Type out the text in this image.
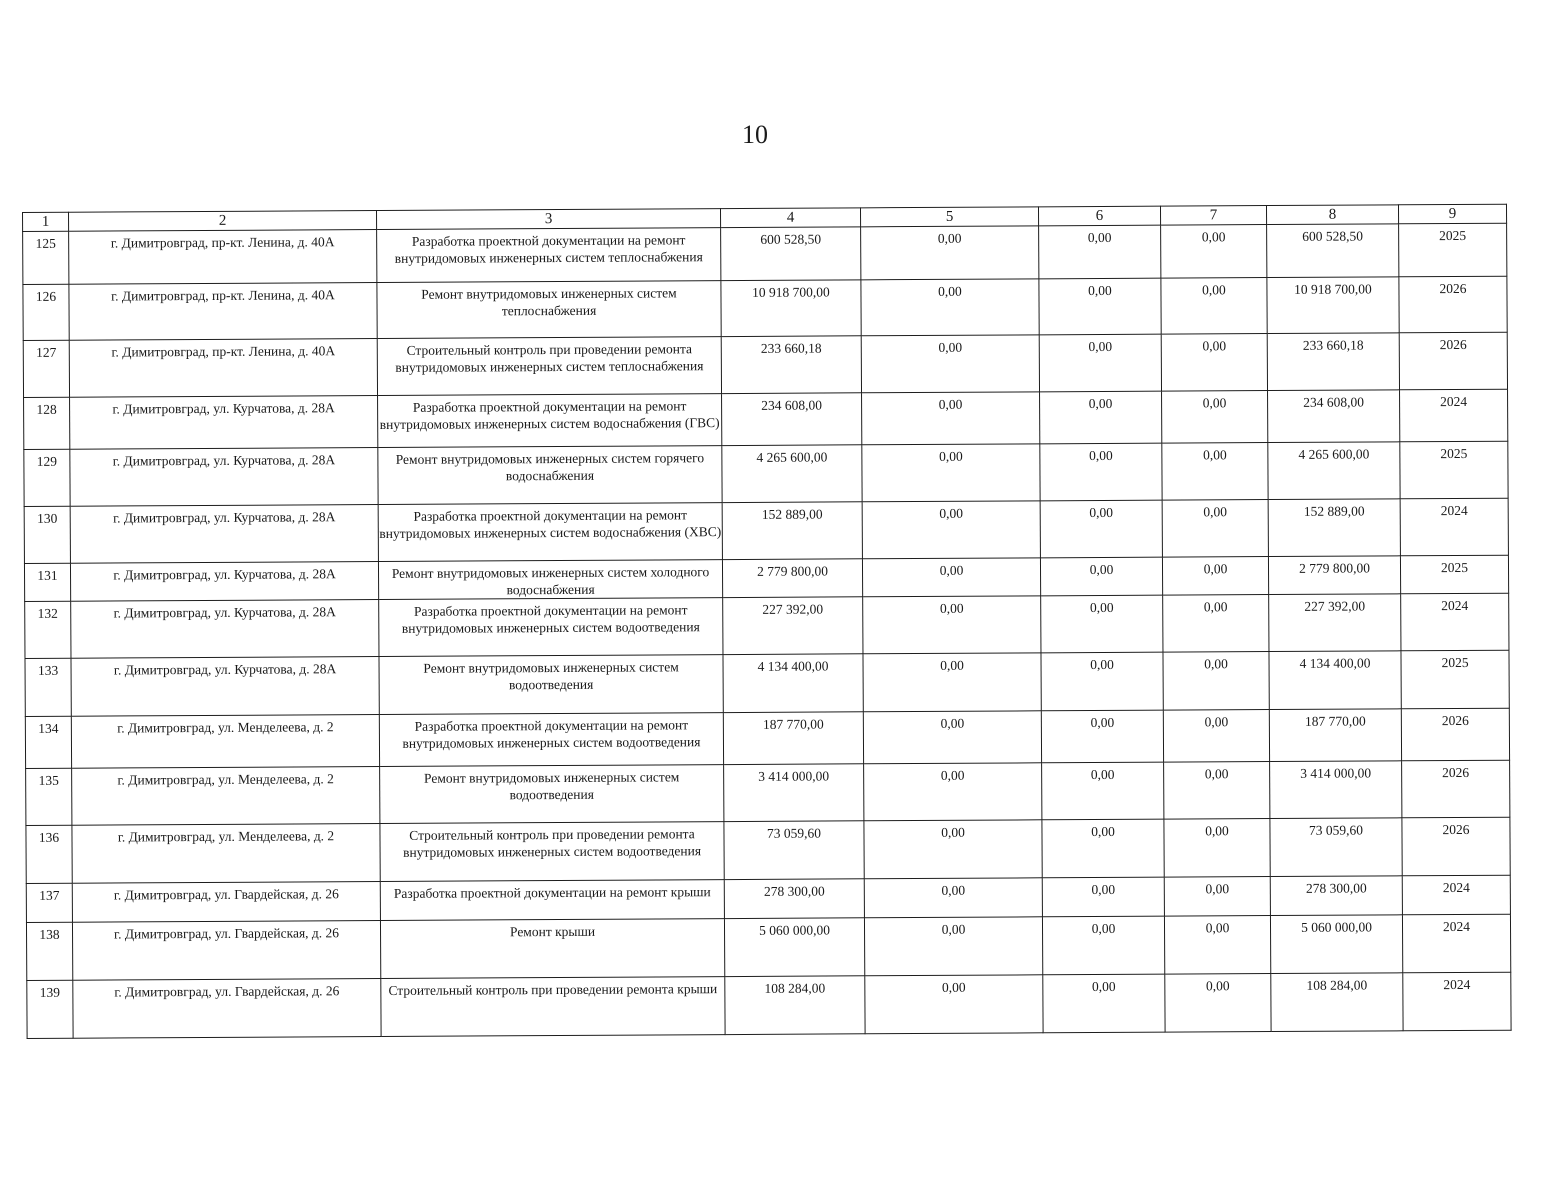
10
1	2	3	4	5	6	7	8	9
125	г. Димитровград, пр-кт. Ленина, д. 40А	Разработка проектной документации на ремонт внутридомовых инженерных систем теплоснабжения	600 528,50	0,00	0,00	0,00	600 528,50	2025
126	г. Димитровград, пр-кт. Ленина, д. 40А	Ремонт внутридомовых инженерных систем теплоснабжения	10 918 700,00	0,00	0,00	0,00	10 918 700,00	2026
127	г. Димитровград, пр-кт. Ленина, д. 40А	Строительный контроль при проведении ремонта внутридомовых инженерных систем теплоснабжения	233 660,18	0,00	0,00	0,00	233 660,18	2026
128	г. Димитровград, ул. Курчатова, д. 28А	Разработка проектной документации на ремонт внутридомовых инженерных систем водоснабжения (ГВС)	234 608,00	0,00	0,00	0,00	234 608,00	2024
129	г. Димитровград, ул. Курчатова, д. 28А	Ремонт внутридомовых инженерных систем горячего водоснабжения	4 265 600,00	0,00	0,00	0,00	4 265 600,00	2025
130	г. Димитровград, ул. Курчатова, д. 28А	Разработка проектной документации на ремонт внутридомовых инженерных систем водоснабжения (ХВС)	152 889,00	0,00	0,00	0,00	152 889,00	2024
131	г. Димитровград, ул. Курчатова, д. 28А	Ремонт внутридомовых инженерных систем холодного водоснабжения	2 779 800,00	0,00	0,00	0,00	2 779 800,00	2025
132	г. Димитровград, ул. Курчатова, д. 28А	Разработка проектной документации на ремонт внутридомовых инженерных систем водоотведения	227 392,00	0,00	0,00	0,00	227 392,00	2024
133	г. Димитровград, ул. Курчатова, д. 28А	Ремонт внутридомовых инженерных систем водоотведения	4 134 400,00	0,00	0,00	0,00	4 134 400,00	2025
134	г. Димитровград, ул. Менделеева, д. 2	Разработка проектной документации на ремонт внутридомовых инженерных систем водоотведения	187 770,00	0,00	0,00	0,00	187 770,00	2026
135	г. Димитровград, ул. Менделеева, д. 2	Ремонт внутридомовых инженерных систем водоотведения	3 414 000,00	0,00	0,00	0,00	3 414 000,00	2026
136	г. Димитровград, ул. Менделеева, д. 2	Строительный контроль при проведении ремонта внутридомовых инженерных систем водоотведения	73 059,60	0,00	0,00	0,00	73 059,60	2026
137	г. Димитровград, ул. Гвардейская, д. 26	Разработка проектной документации на ремонт крыши	278 300,00	0,00	0,00	0,00	278 300,00	2024
138	г. Димитровград, ул. Гвардейская, д. 26	Ремонт крыши	5 060 000,00	0,00	0,00	0,00	5 060 000,00	2024
139	г. Димитровград, ул. Гвардейская, д. 26	Строительный контроль при проведении ремонта крыши	108 284,00	0,00	0,00	0,00	108 284,00	2024
